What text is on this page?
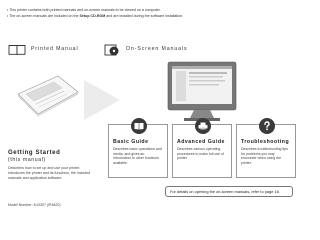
• This printer contains both printed manuals and on-screen manuals to be viewed on a computer.
• The on-screen manuals are included on the Setup CD-ROM and are installed during the software installation.
Printed Manual	On-Screen Manuals
Getting Started
(this manual)
Describes how to set up and use your printer. Introduces the printer and its functions, the included manuals and application software.
Model Number: K10307 (iP4820)
Basic Guide
Describes basic operations and media, and gives an introduction to other functions available.
Advanced Guide
Describes various operating procedures to make full use of printer.
Troubleshooting
Describes troubleshooting tips for problems you may encounter when using the printer.
For details on opening the on-screen manuals, refer to page 16.
